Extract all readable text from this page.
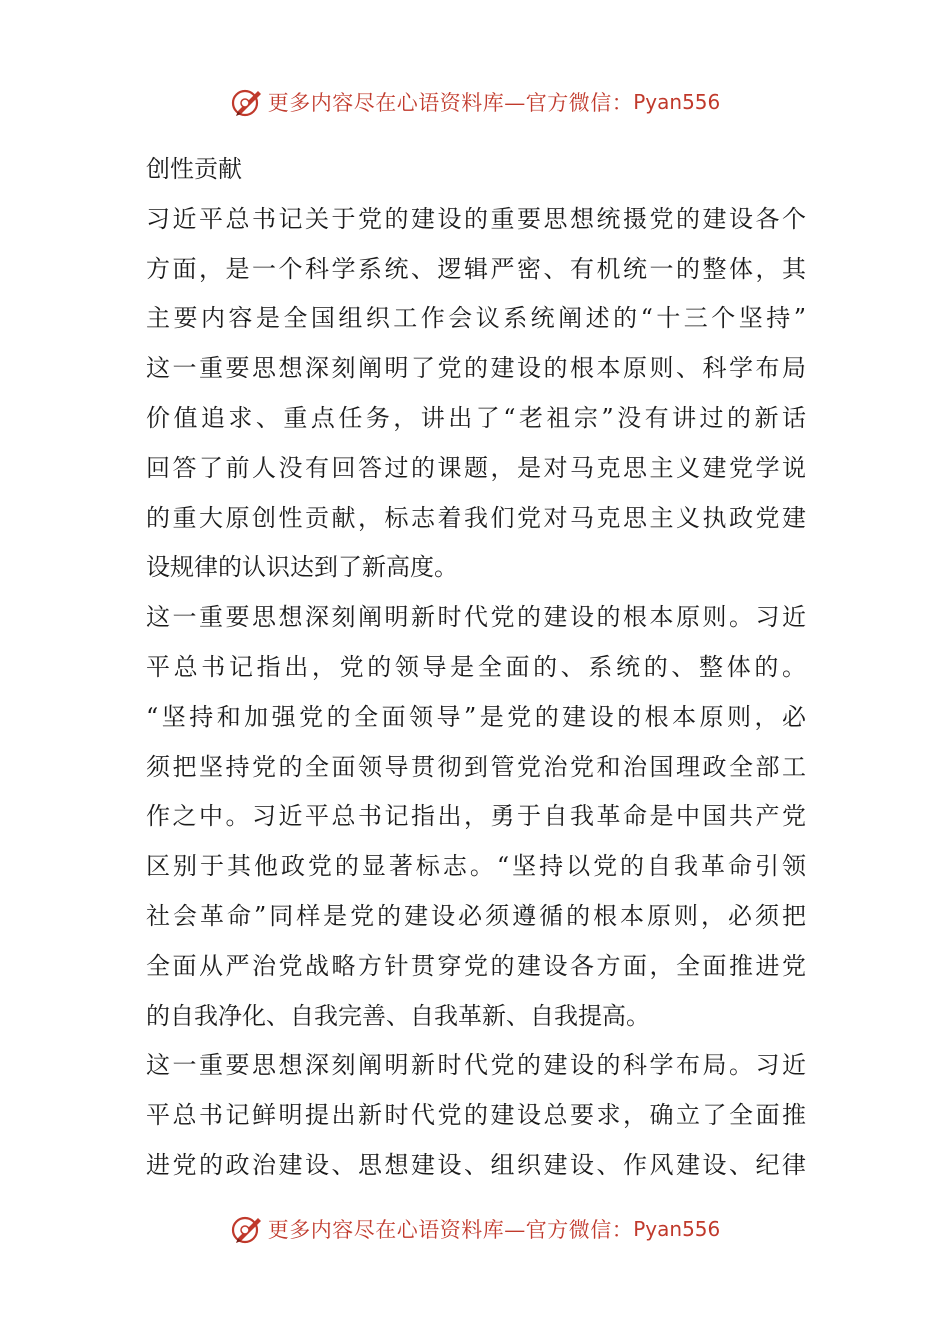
更多内容尽在心语资料库—官方微信： Pyan556
创性贡献
习近平总书记关于党的建设的重要思想统摄党的建设各个
方面，是一个科学系统、逻辑严密、有机统一的整体，其
主要内容是全国组织工作会议系统阐述的“十三个坚持”
这一重要思想深刻阐明了党的建设的根本原则、科学布局
价值追求、重点任务，讲出了“老祖宗”没有讲过的新话
回答了前人没有回答过的课题，是对马克思主义建党学说
的重大原创性贡献，标志着我们党对马克思主义执政党建
设规律的认识达到了新高度。
这一重要思想深刻阐明新时代党的建设的根本原则。习近
平总书记指出，党的领导是全面的、系统的、整体的。
“坚持和加强党的全面领导”是党的建设的根本原则，必
须把坚持党的全面领导贯彻到管党治党和治国理政全部工
作之中。习近平总书记指出，勇于自我革命是中国共产党
区别于其他政党的显著标志。“坚持以党的自我革命引领
社会革命”同样是党的建设必须遵循的根本原则，必须把
全面从严治党战略方针贯穿党的建设各方面，全面推进党
的自我净化、自我完善、自我革新、自我提高。
这一重要思想深刻阐明新时代党的建设的科学布局。习近
平总书记鲜明提出新时代党的建设总要求，确立了全面推
进党的政治建设、思想建设、组织建设、作风建设、纪律
更多内容尽在心语资料库—官方微信： Pyan556
